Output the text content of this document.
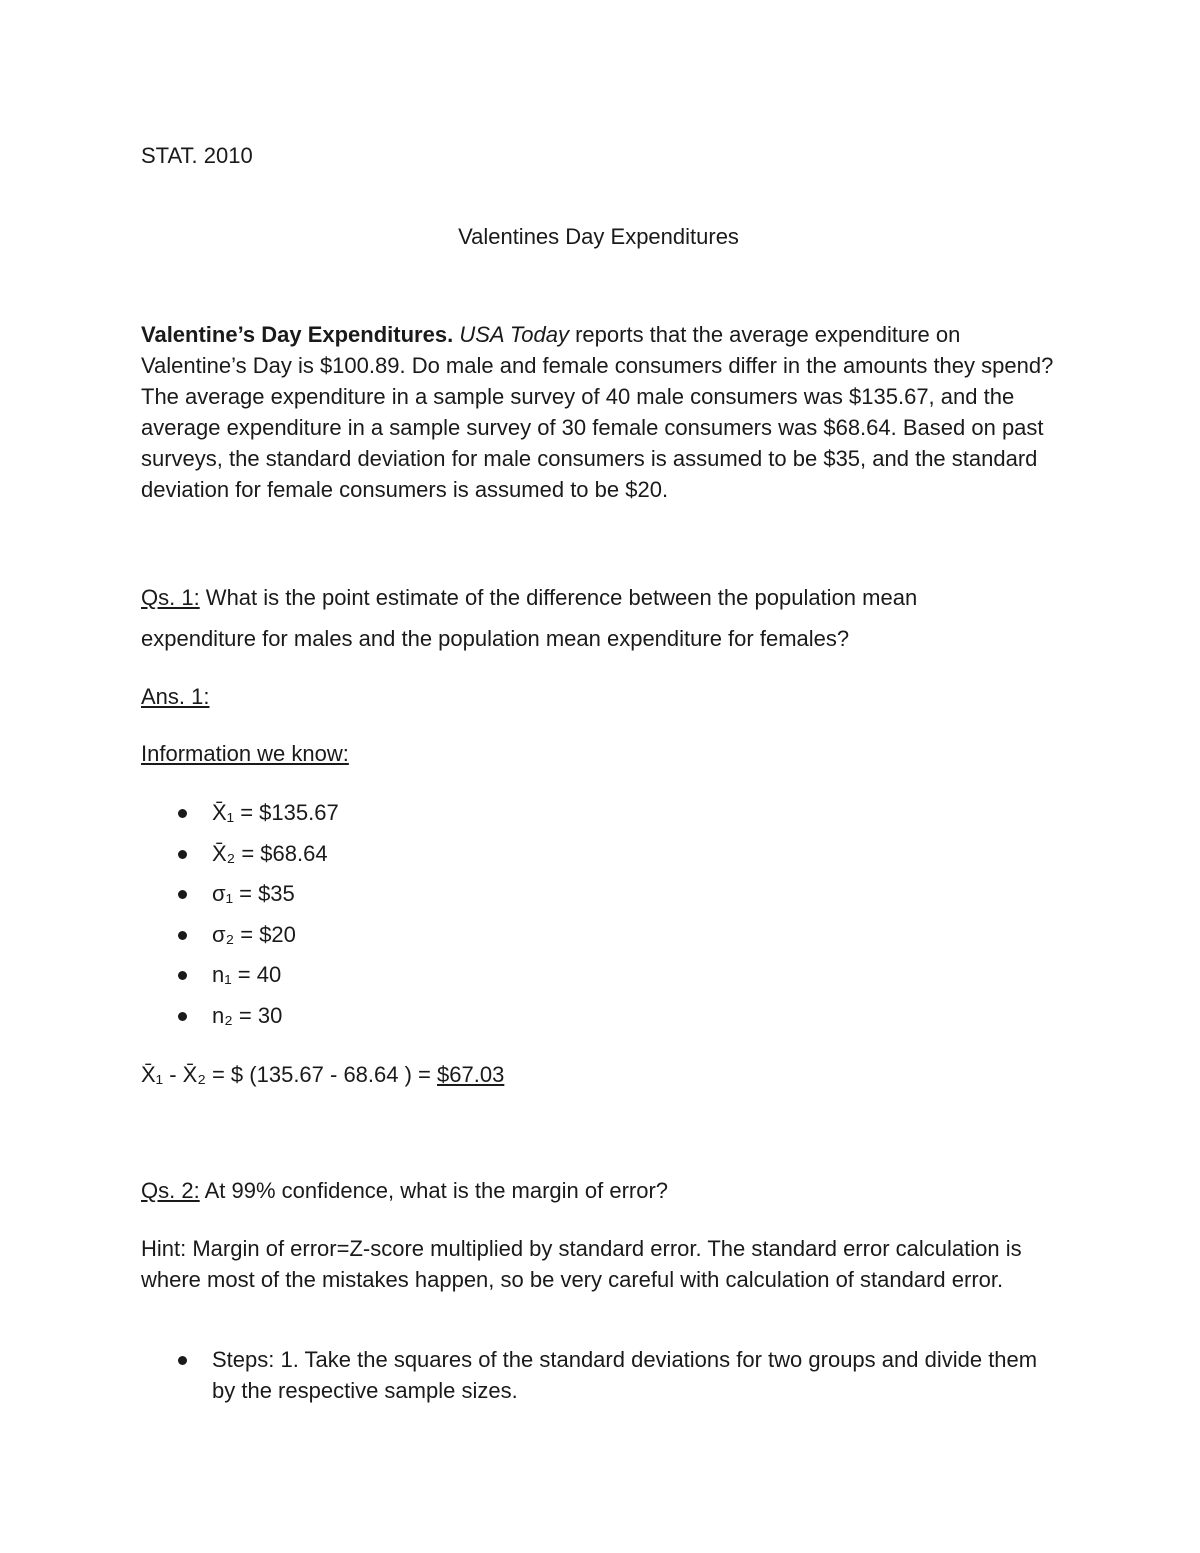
STAT. 2010
Valentines Day Expenditures
Valentine’s Day Expenditures. USA Today reports that the average expenditure on Valentine’s Day is $100.89. Do male and female consumers differ in the amounts they spend? The average expenditure in a sample survey of 40 male consumers was $135.67, and the average expenditure in a sample survey of 30 female consumers was $68.64. Based on past surveys, the standard deviation for male consumers is assumed to be $35, and the standard deviation for female consumers is assumed to be $20.
Qs. 1: What is the point estimate of the difference between the population mean
expenditure for males and the population mean expenditure for females?
Ans. 1:
Information we know:
X̄₁ = $135.67
X̄₂ = $68.64
σ₁ = $35
σ₂ = $20
n₁ = 40
n₂ = 30
X̄₁ - X̄₂ = $ (135.67 - 68.64 ) = $67.03
Qs. 2: At 99% confidence, what is the margin of error?
Hint: Margin of error=Z-score multiplied by standard error. The standard error calculation is where most of the mistakes happen, so be very careful with calculation of standard error.
Steps: 1. Take the squares of the standard deviations for two groups and divide them by the respective sample sizes.
